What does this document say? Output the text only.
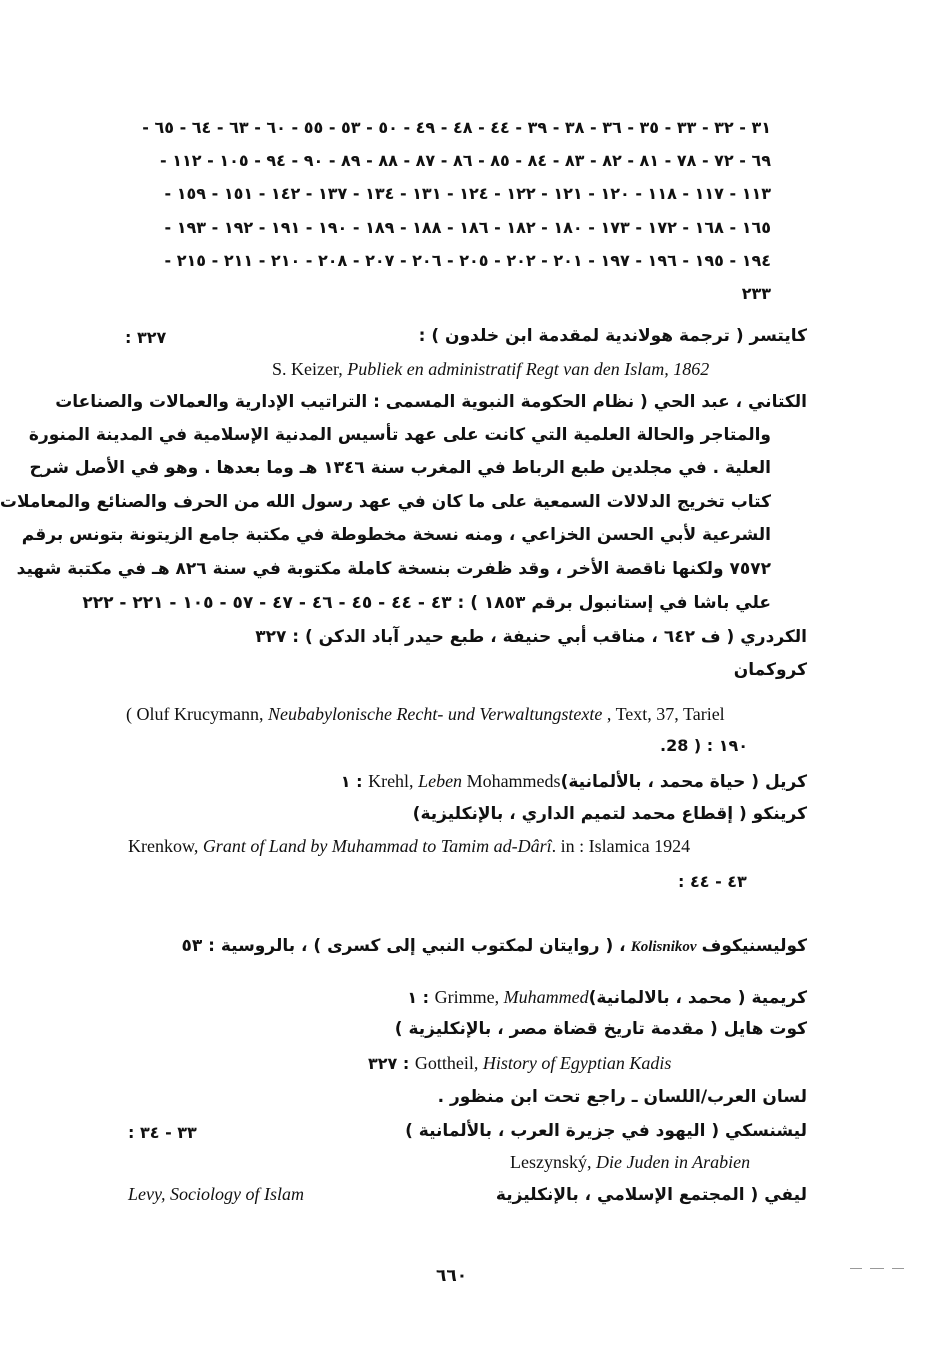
٣١ - ٣٢ - ٣٣ - ٣٥ - ٣٦ - ٣٨ - ٣٩ - ٤٤ - ٤٨ - ٤٩ - ٥٠ - ٥٣ - ٥٥ - ٦٠ - ٦٣ - ٦٤ - ٦٥ -
٦٩ - ٧٢ - ٧٨ - ٨١ - ٨٢ - ٨٣ - ٨٤ - ٨٥ - ٨٦ - ٨٧ - ٨٨ - ٨٩ - ٩٠ - ٩٤ - ١٠٥ - ١١٢ -
١١٣ - ١١٧ - ١١٨ - ١٢٠ - ١٢١ - ١٢٢ - ١٢٤ - ١٣١ - ١٣٤ - ١٣٧ - ١٤٢ - ١٥١ - ١٥٩ -
١٦٥ - ١٦٨ - ١٧٢ - ١٧٣ - ١٨٠ - ١٨٢ - ١٨٦ - ١٨٨ - ١٨٩ - ١٩٠ - ١٩١ - ١٩٢ - ١٩٣ -
١٩٤ - ١٩٥ - ١٩٦ - ١٩٧ - ٢٠١ - ٢٠٢ - ٢٠٥ - ٢٠٦ - ٢٠٧ - ٢٠٨ - ٢١٠ - ٢١١ - ٢١٥ -
٢٣٣
كايتسر ( ترجمة هولاندية لمقدمة ابن خلدون ) :
٣٢٧ :
S. Keizer, Publiek en administratif Regt van den Islam, 1862
الكتاني ، عبد الحي ( نظام الحكومة النبوية المسمى : التراتيب الإدارية والعمالات والصناعات
والمتاجر والحالة العلمية التي كانت على عهد تأسيس المدنية الإسلامية في المدينة المنورة
العلية . في مجلدين طبع الرباط في المغرب سنة ١٣٤٦ هـ وما بعدها . وهو في الأصل شرح
كتاب تخريج الدلالات السمعية على ما كان في عهد رسول الله من الحرف والصنائع والمعاملات
الشرعية لأبي الحسن الخزاعي ، ومنه نسخة مخطوطة في مكتبة جامع الزيتونة بتونس برقم
٧٥٧٢ ولكنها ناقصة الأخر ، وقد ظفرت بنسخة كاملة مكتوبة في سنة ٨٢٦ هـ في مكتبة شهيد
علي باشا في إستانبول برقم ١٨٥٣ ) : ٤٣ - ٤٤ - ٤٥ - ٤٦ - ٤٧ - ٥٧ - ١٠٥ - ٢٢١ - ٢٢٢
الكردري ( ف ٦٤٢ ، مناقب أبي حنيفة ، طبع حيدر آباد الدكن ) : ٣٢٧
كروكمان
( Oluf Krucymann, Neubabylonische Recht- und Verwaltungstexte , Text, 37, Tariel
١٩٠ : ( 28.
١ : Krehl, Leben Mohammedsكريل ( حياة محمد ، بالألمانية)
كرينكو ( إقطاع محمد لتميم الداري ، بالإنكليزية)
Krenkow, Grant of Land by Muhammad to Tamim ad-Dârî. in : Islamica 1924
٤٣ - ٤٤ :
، ( روايتان لمكتوب النبي إلى كسرى ) ، بالروسية : ٥٣ Kolisnikov كوليسنيكوف
١ : Grimme, Muhammedكريمية ( محمد ، بالالمانية)
كوت هايل ( مقدمة تاريخ قضاة مصر ، بالإنكليزية )
٣٢٧ : Gottheil, History of Egyptian Kadis
لسان العرب/اللسان ـ راجع تحت ابن منظور .
ليشنسكي ( اليهود في جزيرة العرب ، بالألمانية )
٣٣ - ٣٤ :
Leszynský, Die Juden in Arabien
ليفي ( المجتمع الإسلامي ، بالإنكليزية
Levy, Sociology of Islam
٦٦٠
